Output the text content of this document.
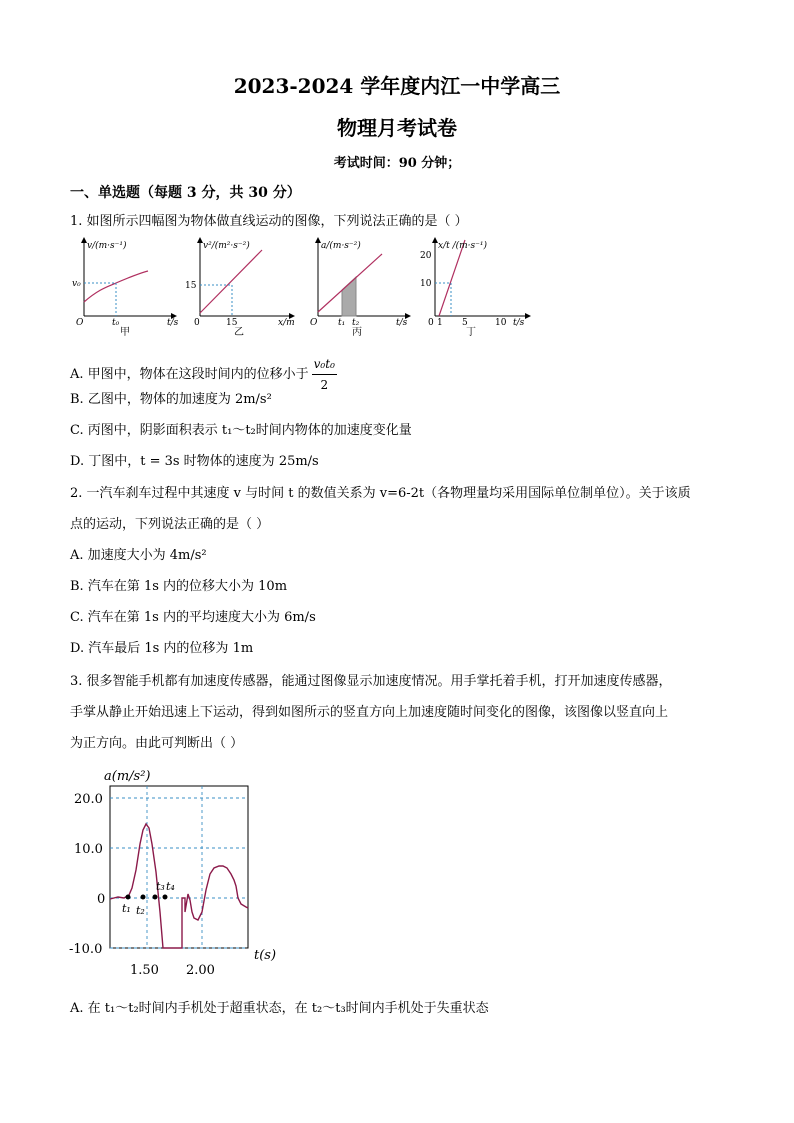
2023-2024 学年度内江一中学高三
物理月考试卷
考试时间：90 分钟；
一、单选题（每题 3 分，共 30 分）
1. 如图所示四幅图为物体做直线运动的图像，下列说法正确的是（ ）
v/(m·s⁻¹)
v₀
O	t₀	t/s
甲
v²/(m²·s⁻²)
15
0	15	x/m
乙
a/(m·s⁻²)
O t₁ t₂	t/s
丙
x/t /(m·s⁻¹)
20
10
0 1 5	10 t/s
丁
A. 甲图中，物体在这段时间内的位移小于 $\frac{\text{v₀t₀}}{2}$
B. 乙图中，物体的加速度为 2m/s²
C. 丙图中，阴影面积表示 t₁～t₂时间内物体的加速度变化量
D. 丁图中，t = 3s 时物体的速度为 25m/s
2. 一汽车刹车过程中其速度 v 与时间 t 的数值关系为 v=6-2t（各物理量均采用国际单位制单位）。关于该质
点的运动，下列说法正确的是（ ）
A. 加速度大小为 4m/s²
B. 汽车在第 1s 内的位移大小为 10m
C. 汽车在第 1s 内的平均速度大小为 6m/s
D. 汽车最后 1s 内的位移为 1m
3. 很多智能手机都有加速度传感器，能通过图像显示加速度情况。用手掌托着手机，打开加速度传感器，
手掌从静止开始迅速上下运动，得到如图所示的竖直方向上加速度随时间变化的图像，该图像以竖直向上
为正方向。由此可判断出（ ）
t₁ t₂
t₃ t₄
a(m/s²)
t(s)
20.0
10.0
0
-10.0
1.50 2.00
A. 在 t₁～t₂时间内手机处于超重状态，在 t₂～t₃时间内手机处于失重状态
